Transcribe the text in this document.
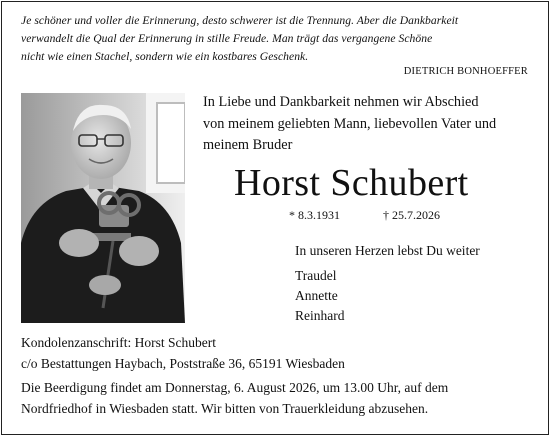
Je schöner und voller die Erinnerung, desto schwerer ist die Trennung. Aber die Dankbarkeit
verwandelt die Qual der Erinnerung in stille Freude. Man trägt das vergangene Schöne
nicht wie einen Stachel, sondern wie ein kostbares Geschenk.
DIETRICH BONHOEFFER
In Liebe und Dankbarkeit nehmen wir Abschied
von meinem geliebten Mann, liebevollen Vater und
meinem Bruder
Horst Schubert
* 8.3.1931	† 25.7.2026
In unseren Herzen lebst Du weiter
Traudel
Annette
Reinhard
Kondolenzanschrift: Horst Schubert
c/o Bestattungen Haybach, Poststraße 36, 65191 Wiesbaden
Die Beerdigung findet am Donnerstag, 6. August 2026, um 13.00 Uhr, auf dem
Nordfriedhof in Wiesbaden statt. Wir bitten von Trauerkleidung abzusehen.
